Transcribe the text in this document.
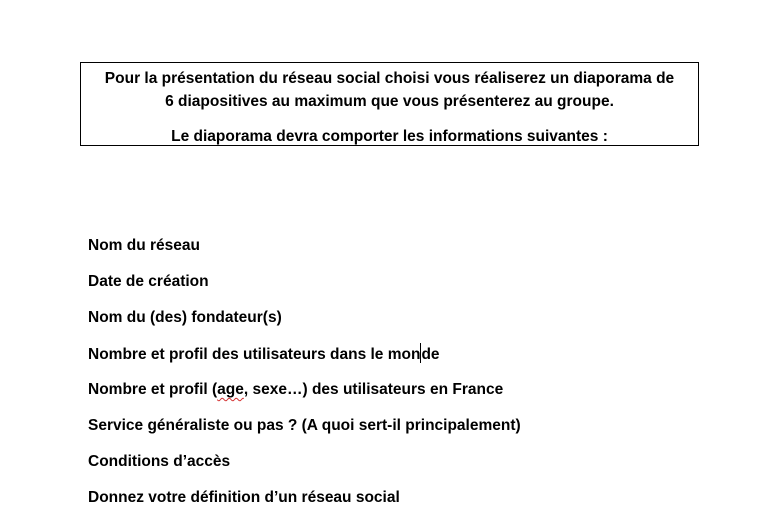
Pour la présentation du réseau social choisi vous réaliserez un diaporama de
6 diapositives au maximum que vous présenterez au groupe.

Le diaporama devra comporter les informations suivantes :

Nom du réseau
Date de création
Nom du (des) fondateur(s)
Nombre et profil des utilisateurs dans le monde
Nombre et profil (age, sexe…) des utilisateurs en France
Service généraliste ou pas ? (A quoi sert-il principalement)
Conditions d’accès
Donnez votre définition d’un réseau social
